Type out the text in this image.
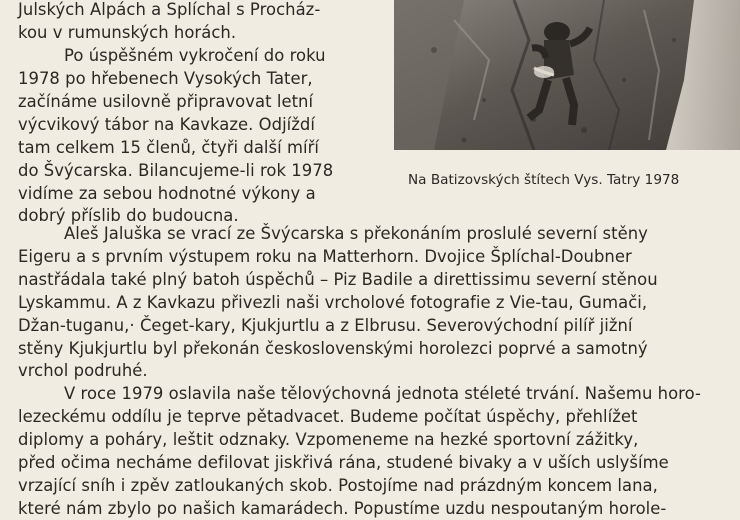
Julských Alpách a Splíchal s Procház-
kou v rumunských horách.
Po úspěšném vykročení do roku
1978 po hřebenech Vysokých Tater,
začínáme usilovně připravovat letní
výcvikový tábor na Kavkaze. Odjíždí
tam celkem 15 členů, čtyři další míří
do Švýcarska. Bilancujeme-li rok 1978
vidíme za sebou hodnotné výkony a
dobrý příslib do budoucna.
Na Batizovských štítech Vys. Tatry 1978
Aleš Jaluška se vrací ze Švýcarska s překonáním proslulé severní stěny
Eigeru a s prvním výstupem roku na Matterhorn. Dvojice Šplíchal-Doubner
nastřádala také plný batoh úspěchů – Piz Badile a direttissimu severní stěnou
Lyskammu. A z Kavkazu přivezli naši vrcholové fotografie z Vie-tau, Gumači,
Džan-tuganu,· Čeget-kary, Kjukjurtlu a z Elbrusu. Severovýchodní pilíř jižní
stěny Kjukjurtlu byl překonán československými horolezci poprvé a samotný
vrchol podruhé.
V roce 1979 oslavila naše tělovýchovná jednota stéleté trvání. Našemu horo-
lezeckému oddílu je teprve pětadvacet. Budeme počítat úspěchy, přehlížet
diplomy a poháry, leštit odznaky. Vzpomeneme na hezké sportovní zážitky,
před očima necháme defilovat jiskřivá rána, studené bivaky a v uších uslyšíme
vrzající sníh i zpěv zatloukaných skob. Postojíme nad prázdným koncem lana,
které nám zbylo po našich kamarádech. Popustíme uzdu nespoutaným horole-
